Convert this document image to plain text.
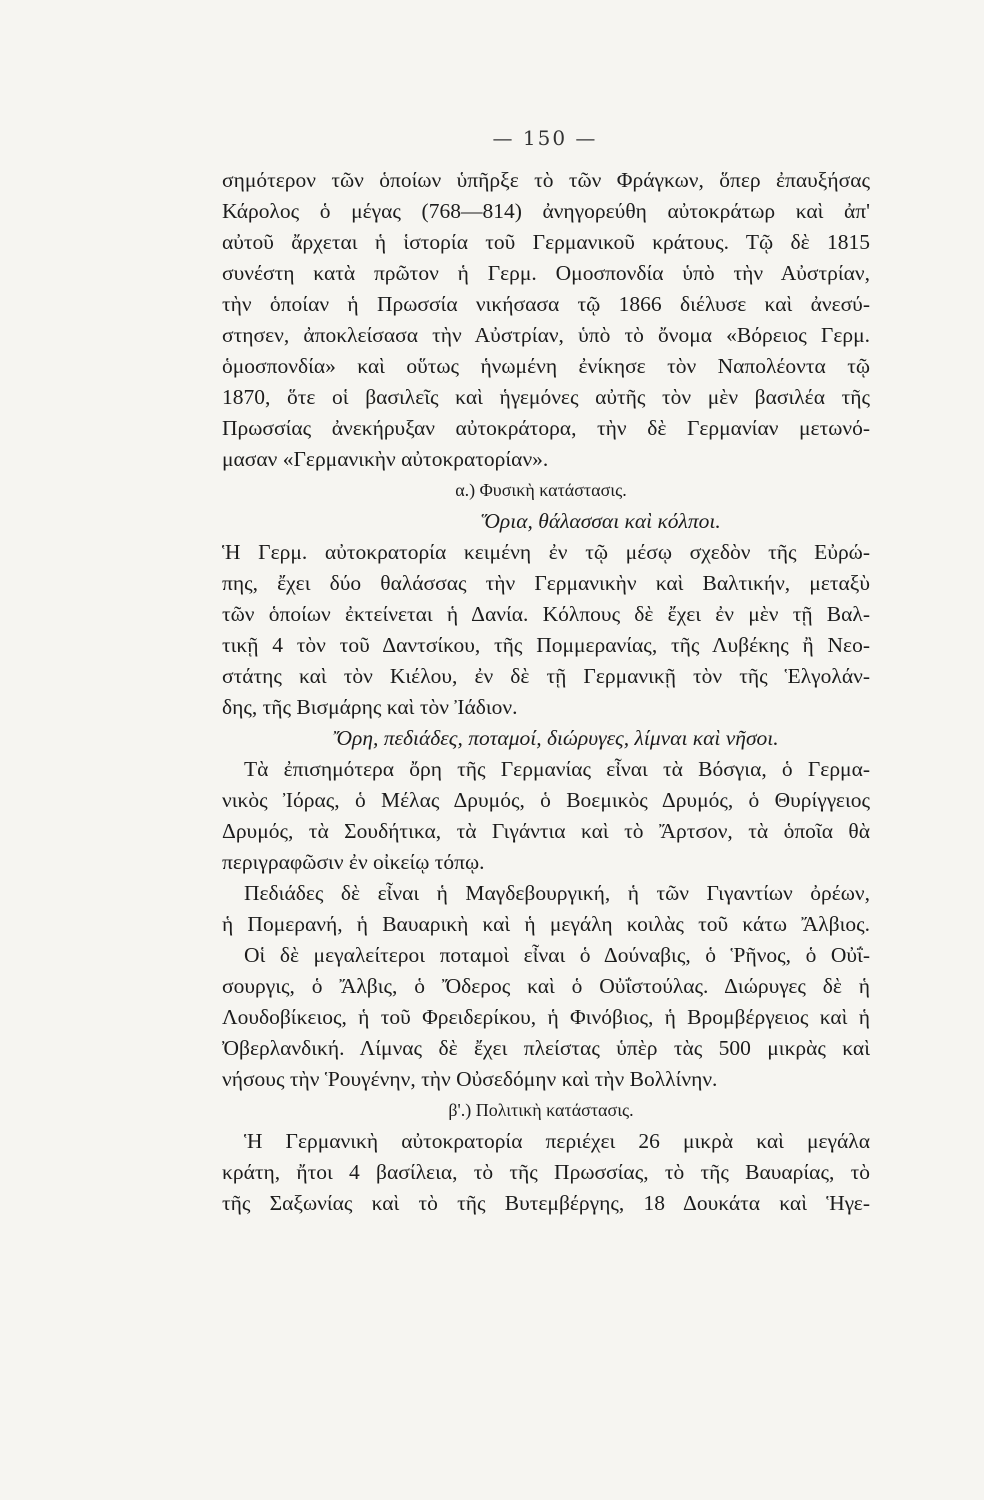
— 150 —
σημότερον τῶν ὁποίων ὑπῆρξε τὸ τῶν Φράγκων, ὅπερ ἐπαυξήσας
Κάρολος ὁ μέγας (768—814) ἀνηγορεύθη αὐτοκράτωρ καὶ ἀπ'
αὐτοῦ ἄρχεται ἡ ἱστορία τοῦ Γερμανικοῦ κράτους. Τῷ δὲ 1815
συνέστη κατὰ πρῶτον ἡ Γερμ. Ομοσπονδία ὑπὸ τὴν Αὐστρίαν,
τὴν ὁποίαν ἡ Πρωσσία νικήσασα τῷ 1866 διέλυσε καὶ ἀνεσύ-
στησεν, ἀποκλείσασα τὴν Αὐστρίαν, ὑπὸ τὸ ὄνομα «Βόρειος Γερμ.
ὁμοσπονδία» καὶ οὕτως ἡνωμένη ἐνίκησε τὸν Ναπολέοντα τῷ
1870, ὅτε οἱ βασιλεῖς καὶ ἡγεμόνες αὐτῆς τὸν μὲν βασιλέα τῆς
Πρωσσίας ἀνεκήρυξαν αὐτοκράτορα, τὴν δὲ Γερμανίαν μετωνό-
μασαν «Γερμανικὴν αὐτοκρατορίαν».
α.) Φυσικὴ κατάστασις.
Ὅρια, θάλασσαι καὶ κόλποι.
Ἡ Γερμ. αὐτοκρατορία κειμένη ἐν τῷ μέσῳ σχεδὸν τῆς Εὐρώ-
πης, ἔχει δύο θαλάσσας τὴν Γερμανικὴν καὶ Βαλτικήν, μεταξὺ
τῶν ὁποίων ἐκτείνεται ἡ Δανία. Κόλπους δὲ ἔχει ἐν μὲν τῇ Βαλ-
τικῇ 4 τὸν τοῦ Δαντσίκου, τῆς Πομμερανίας, τῆς Λυβέκης ἢ Νεο-
στάτης καὶ τὸν Κιέλου, ἐν δὲ τῇ Γερμανικῇ τὸν τῆς Ἑλγολάν-
δης, τῆς Βισμάρης καὶ τὸν Ἰάδιον.
Ὄρη, πεδιάδες, ποταμοί, διώρυγες, λίμναι καὶ νῆσοι.
Τὰ ἐπισημότερα ὄρη τῆς Γερμανίας εἶναι τὰ Βόσγια, ὁ Γερμα-
νικὸς Ἰόρας, ὁ Μέλας Δρυμός, ὁ Βοεμικὸς Δρυμός, ὁ Θυρίγγειος
Δρυμός, τὰ Σουδήτικα, τὰ Γιγάντια καὶ τὸ Ἄρτσον, τὰ ὁποῖα θὰ
περιγραφῶσιν ἐν οἰκείῳ τόπῳ.
Πεδιάδες δὲ εἶναι ἡ Μαγδεβουργική, ἡ τῶν Γιγαντίων ὀρέων,
ἡ Πομερανή, ἡ Βαυαρικὴ καὶ ἡ μεγάλη κοιλὰς τοῦ κάτω Ἄλβιος.
Οἱ δὲ μεγαλείτεροι ποταμοὶ εἶναι ὁ Δούναβις, ὁ Ῥῆνος, ὁ Οὐΐ-
σουργις, ὁ Ἄλβις, ὁ Ὄδερος καὶ ὁ Οὐΐστούλας. Διώρυγες δὲ ἡ
Λουδοβίκειος, ἡ τοῦ Φρειδερίκου, ἡ Φινόβιος, ἡ Βρομβέργειος καὶ ἡ
Ὀβερλανδική. Λίμνας δὲ ἔχει πλείστας ὑπὲρ τὰς 500 μικρὰς καὶ
νήσους τὴν Ῥουγένην, τὴν Οὐσεδόμην καὶ τὴν Βολλίνην.
β'.) Πολιτικὴ κατάστασις.
Ἡ Γερμανικὴ αὐτοκρατορία περιέχει 26 μικρὰ καὶ μεγάλα
κράτη, ἤτοι 4 βασίλεια, τὸ τῆς Πρωσσίας, τὸ τῆς Βαυαρίας, τὸ
τῆς Σαξωνίας καὶ τὸ τῆς Βυτεμβέργης, 18 Δουκάτα καὶ Ἡγε-
